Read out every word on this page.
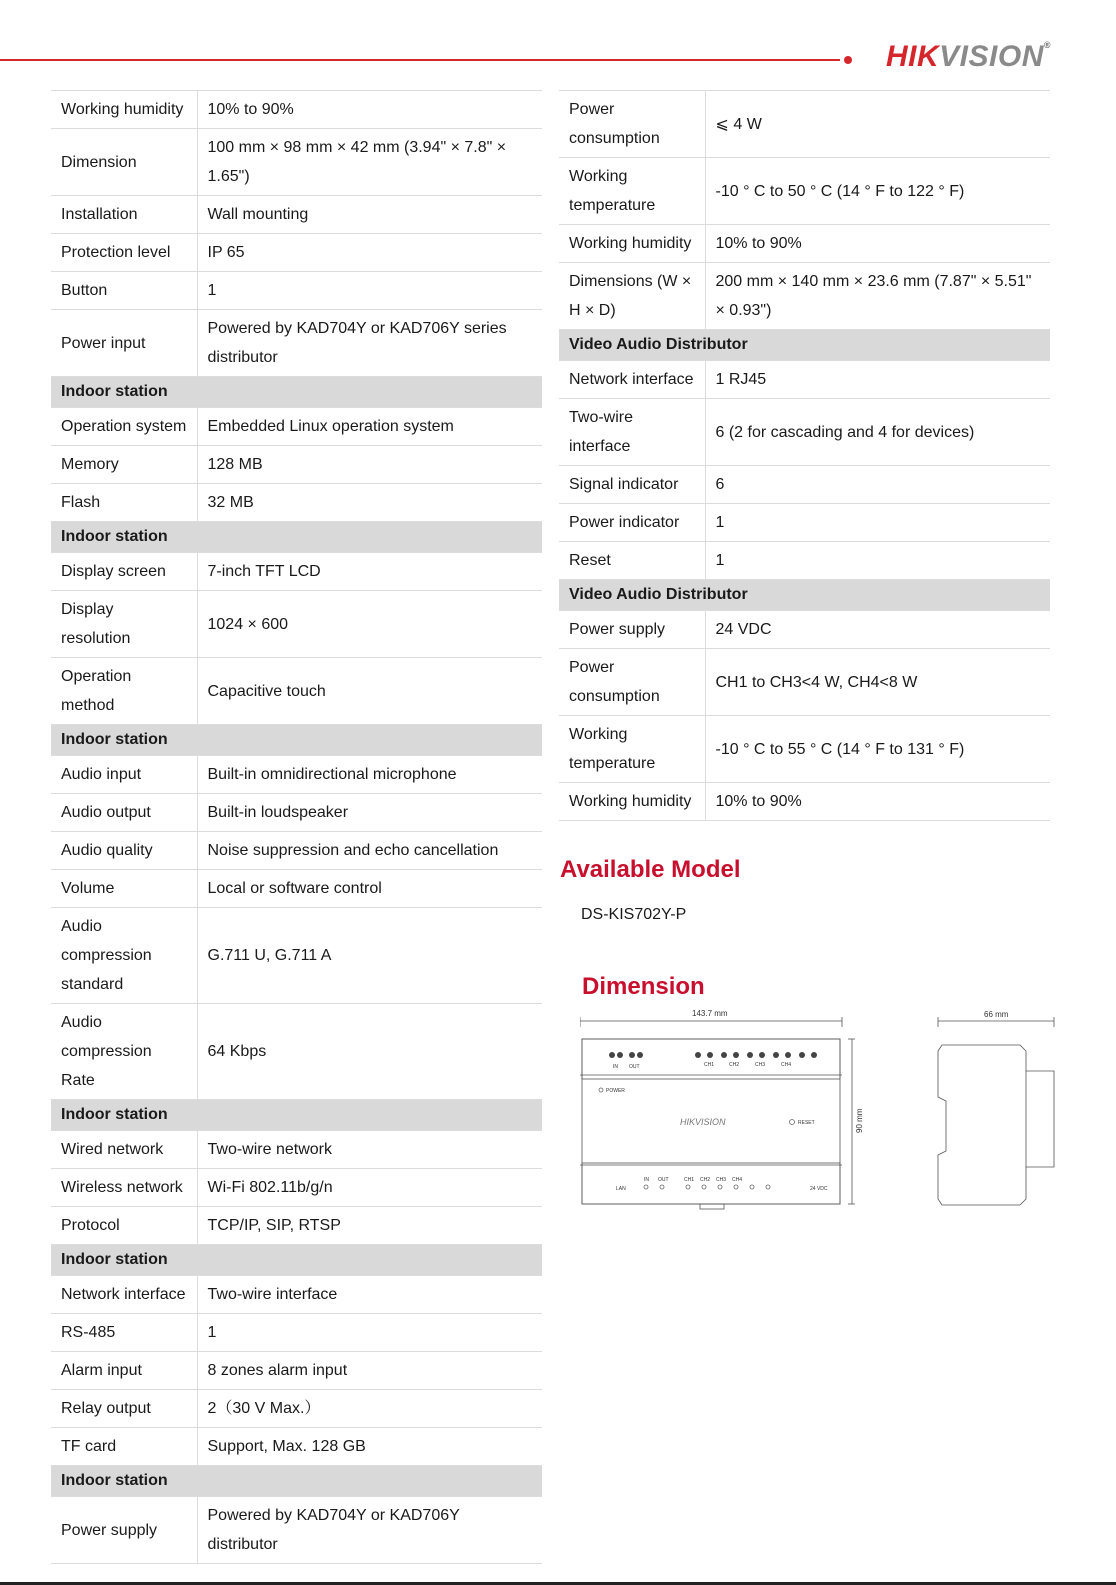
HIKVISION®
Working humidity	10% to 90%
Dimension	100 mm × 98 mm × 42 mm (3.94" × 7.8" × 1.65")
Installation	Wall mounting
Protection level	IP 65
Button	1
Power input	Powered by KAD704Y or KAD706Y series distributor
Indoor station	
Operation system	Embedded Linux operation system
Memory	128 MB
Flash	32 MB
Indoor station	
Display screen	7-inch TFT LCD
Display resolution	1024 × 600
Operation method	Capacitive touch
Indoor station	
Audio input	Built-in omnidirectional microphone
Audio output	Built-in loudspeaker
Audio quality	Noise suppression and echo cancellation
Volume	Local or software control
Audio compression standard	G.711 U, G.711 A
Audio compression Rate	64 Kbps
Indoor station	
Wired network	Two-wire network
Wireless network	Wi-Fi 802.11b/g/n
Protocol	TCP/IP, SIP, RTSP
Indoor station	
Network interface	Two-wire interface
RS-485	1
Alarm input	8 zones alarm input
Relay output	2（30 V Max.）
TF card	Support, Max. 128 GB
Indoor station	
Power supply	Powered by KAD704Y or KAD706Y distributor
Power consumption	⩽ 4 W
Working temperature	-10 ° C to 50 ° C (14 ° F to 122 ° F)
Working humidity	10% to 90%
Dimensions (W × H × D)	200 mm × 140 mm × 23.6 mm (7.87" × 5.51" × 0.93")
Video Audio Distributor	
Network interface	1 RJ45
Two-wire interface	6 (2 for cascading and 4 for devices)
Signal indicator	6
Power indicator	1
Reset	1
Video Audio Distributor	
Power supply	24 VDC
Power consumption	CH1 to CH3<4 W, CH4<8 W
Working temperature	-10 ° C to 55 ° C (14 ° F to 131 ° F)
Working humidity	10% to 90%
Available Model
DS-KIS702Y-P
Dimension
143.7 mm	66 mm
90 mm
IN OUT	CH1	CH2	CH3	CH4
POWER
HIKVISION	RESET
LAN
IN OUT	CH1 CH2 CH3 CH4
24 VDC
